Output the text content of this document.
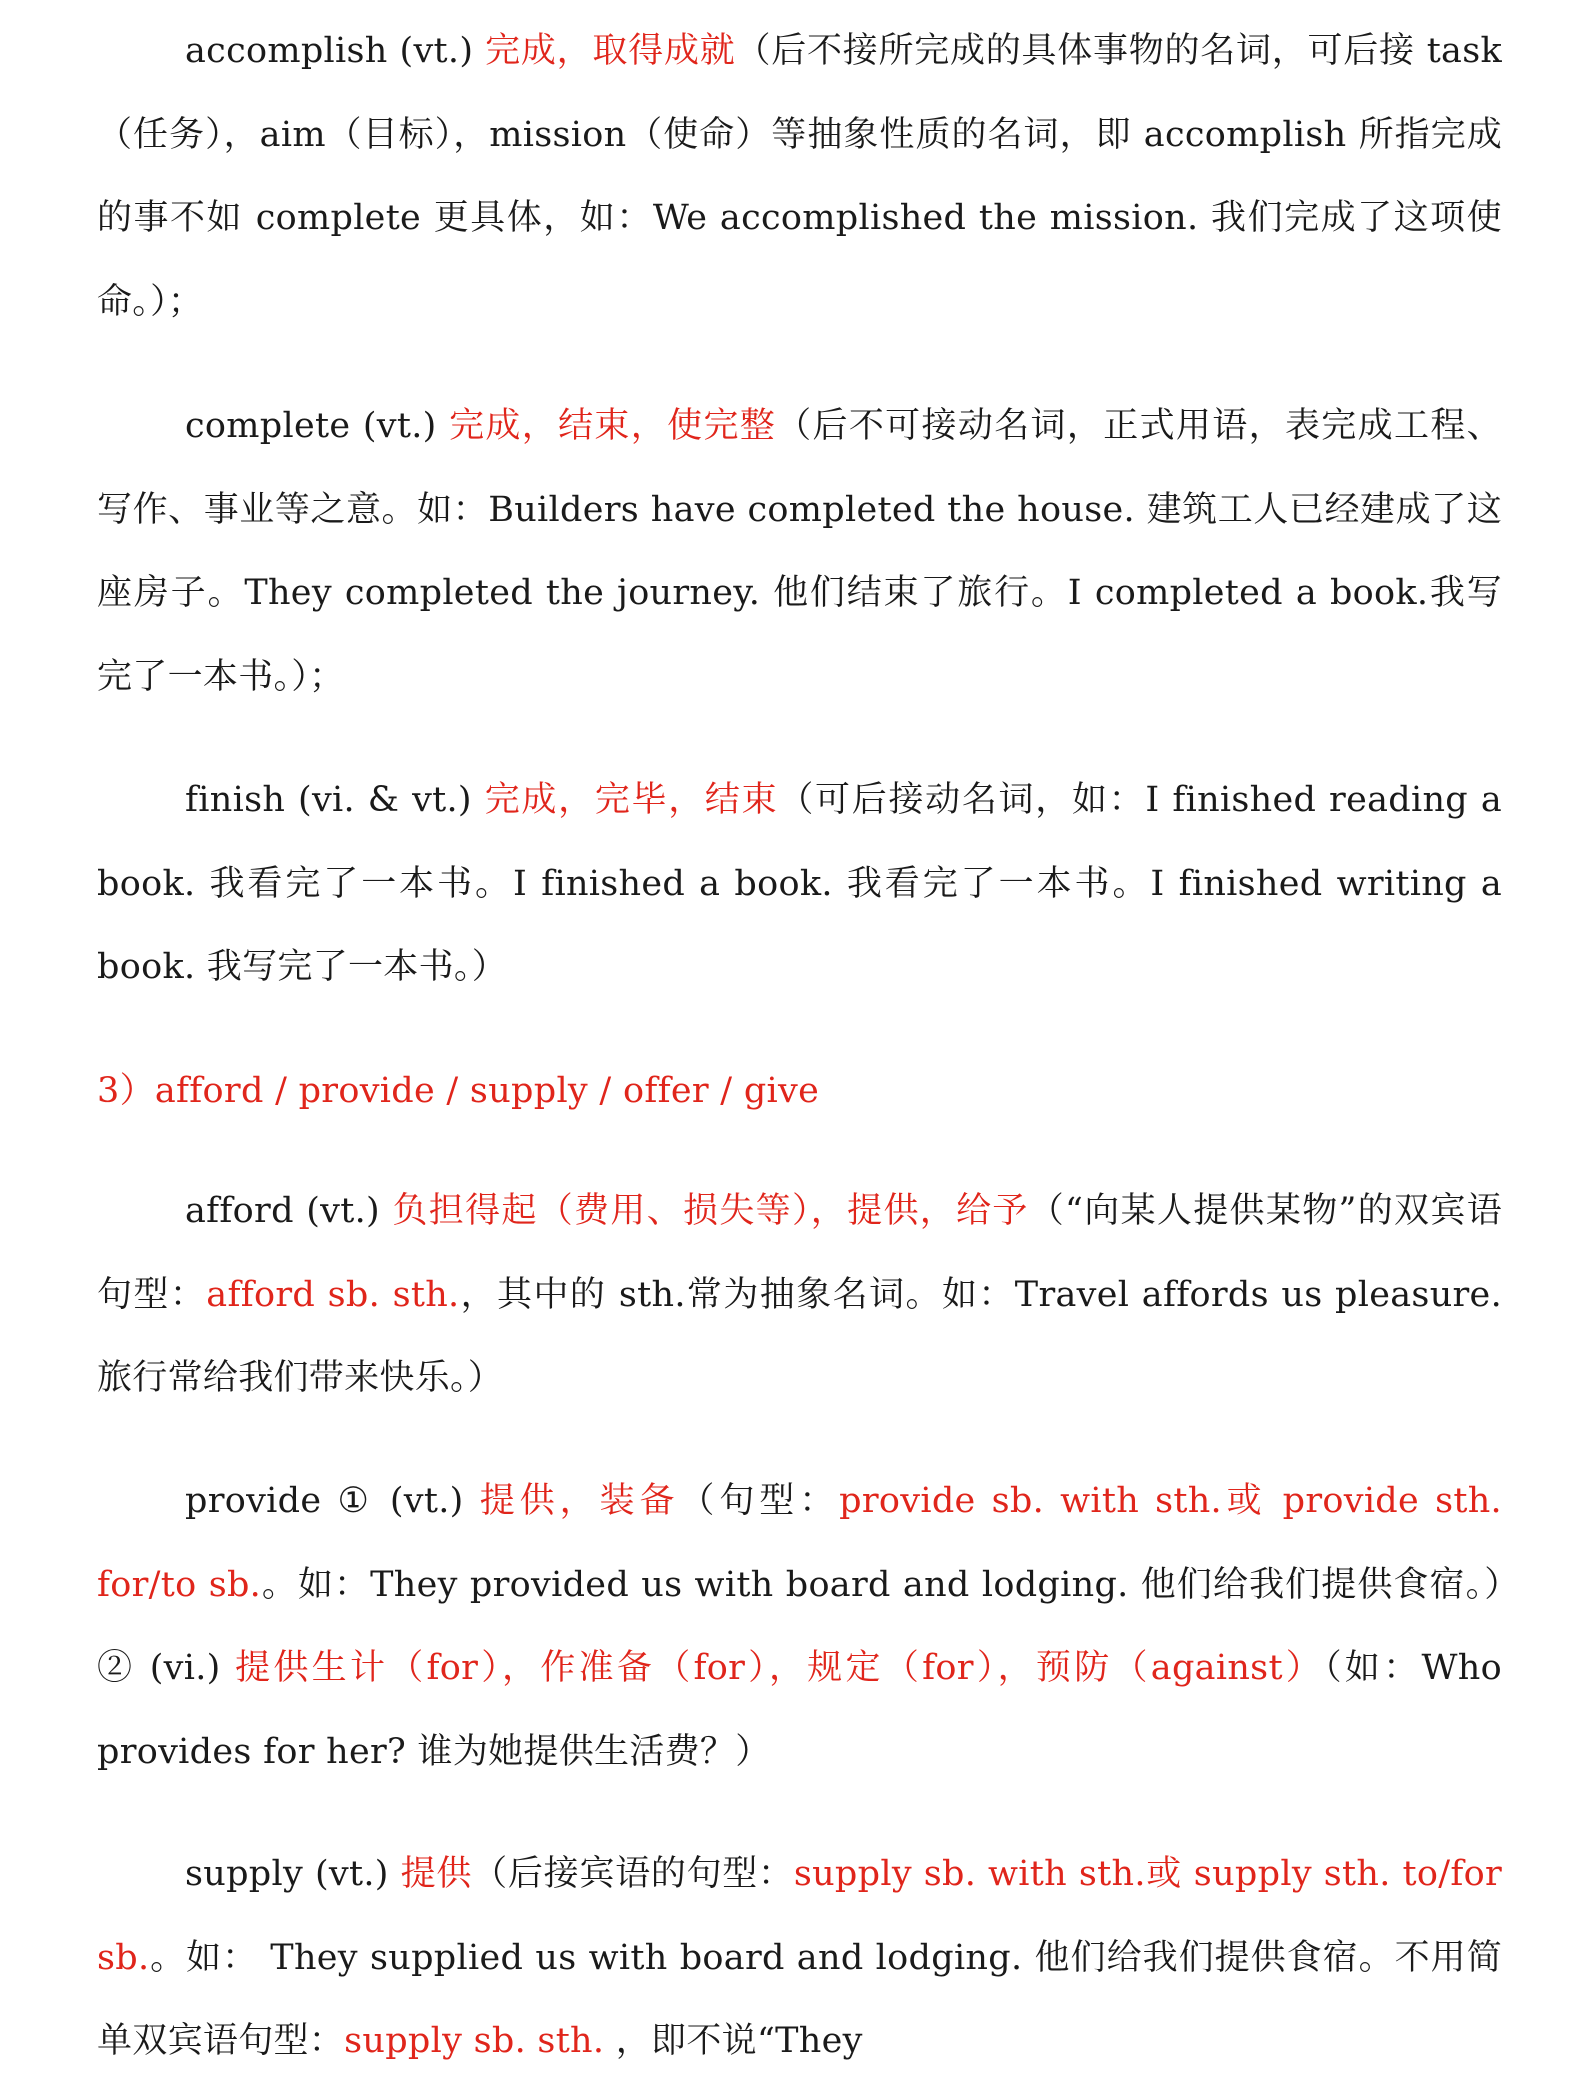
accomplish (vt.) 完成，取得成就（后不接所完成的具体事物的名词，可后接 task（任务），aim（目标），mission（使命）等抽象性质的名词，即 accomplish 所指完成的事不如 complete 更具体，如：We accomplished the mission. 我们完成了这项使命。）；

complete (vt.) 完成，结束，使完整（后不可接动名词，正式用语，表完成工程、写作、事业等之意。如：Builders have completed the house. 建筑工人已经建成了这座房子。They completed the journey. 他们结束了旅行。I completed a book.我写完了一本书。）；

finish (vi. & vt.) 完成，完毕，结束（可后接动名词，如：I finished reading a book. 我看完了一本书。I finished a book. 我看完了一本书。I finished writing a book. 我写完了一本书。）

3）afford / provide / supply / offer / give

afford (vt.) 负担得起（费用、损失等），提供，给予（“向某人提供某物”的双宾语句型：afford sb. sth.，其中的 sth.常为抽象名词。如：Travel affords us pleasure.旅行常给我们带来快乐。）

provide ① (vt.) 提供，装备（句型：provide sb. with sth.或 provide sth. for/to sb.。如：They provided us with board and lodging. 他们给我们提供食宿。）② (vi.) 提供生计（for），作准备（for），规定（for），预防（against）（如：Who provides for her? 谁为她提供生活费？）

supply (vt.) 提供（后接宾语的句型：supply sb. with sth.或 supply sth. to/for sb.。如： They supplied us with board and lodging. 他们给我们提供食宿。不用简单双宾语句型：supply sb. sth. ，即不说“They
